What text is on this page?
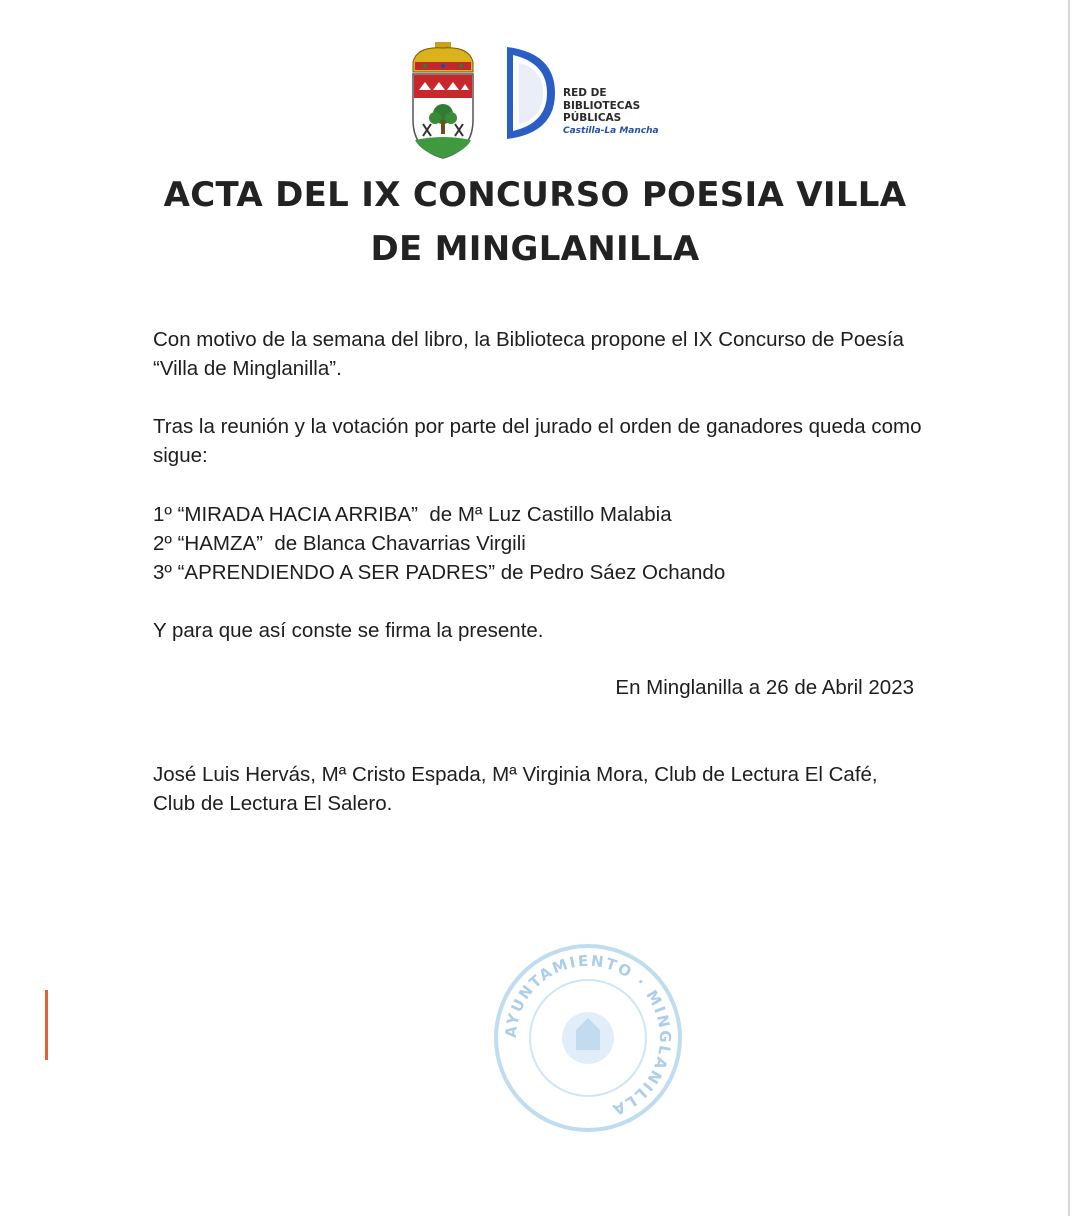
RED DE
BIBLIOTECAS
PÚBLICAS
Castilla-La Mancha
ACTA DEL IX CONCURSO POESIA VILLA
DE MINGLANILLA
Con motivo de la semana del libro, la Biblioteca propone el IX Concurso de Poesía “Villa de Minglanilla”.
Tras la reunión y la votación por parte del jurado el orden de ganadores queda como sigue:
1º “MIRADA HACIA ARRIBA”  de Mª Luz Castillo Malabia
2º “HAMZA”  de Blanca Chavarrias Virgili
3º “APRENDIENDO A SER PADRES” de Pedro Sáez Ochando
Y para que así conste se firma la presente.
En Minglanilla a 26 de Abril 2023
José Luis Hervás, Mª Cristo Espada, Mª Virginia Mora, Club de Lectura El Café, Club de Lectura El Salero.
AYUNTAMIENTO · MINGLANILLA
